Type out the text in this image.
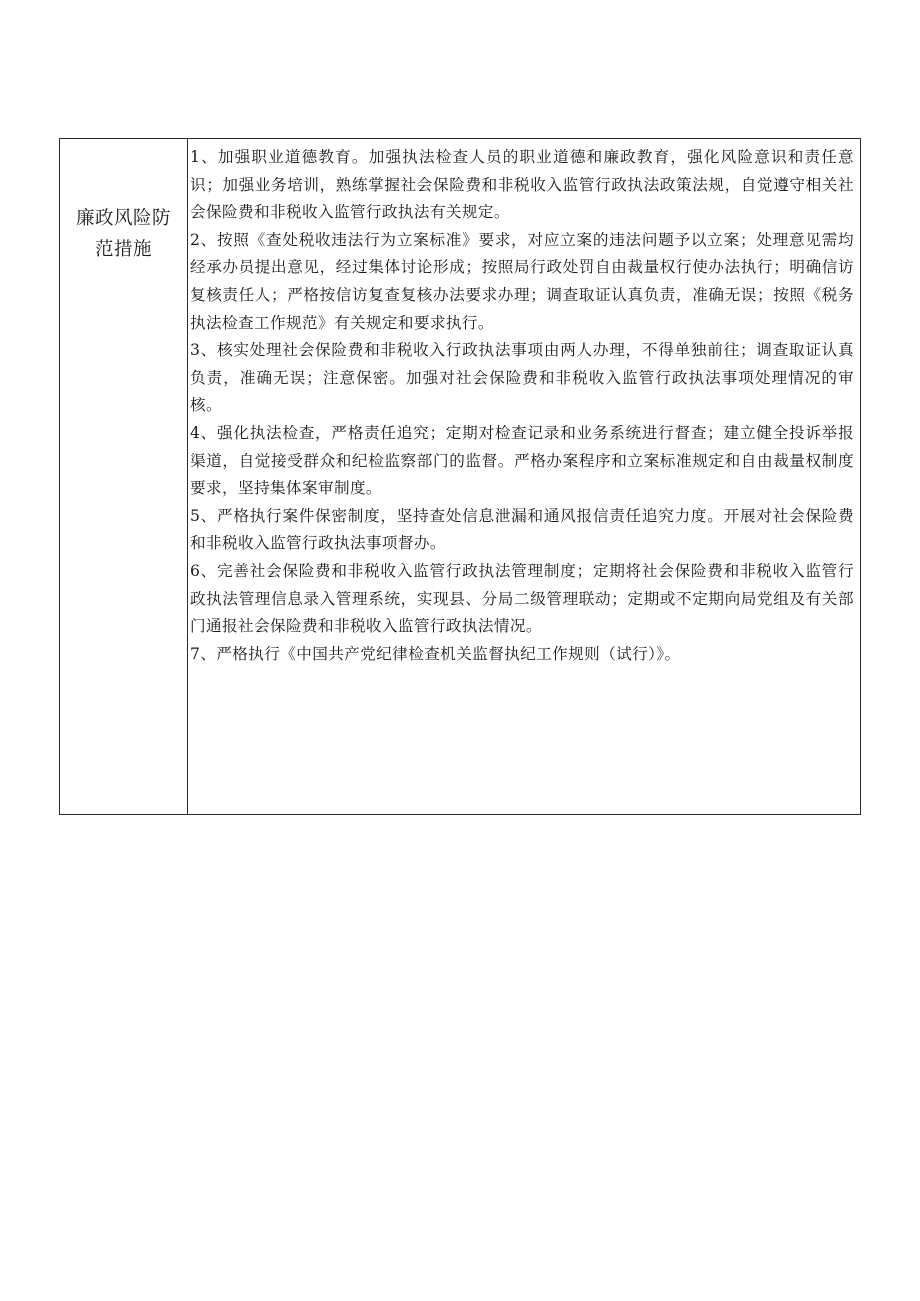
廉政风险防
范措施

1、加强职业道德教育。加强执法检查人员的职业道德和廉政教育，强化风险意识和责任意识；加强业务培训，熟练掌握社会保险费和非税收入监管行政执法政策法规，自觉遵守相关社会保险费和非税收入监管行政执法有关规定。

2、按照《查处税收违法行为立案标准》要求，对应立案的违法问题予以立案；处理意见需均经承办员提出意见，经过集体讨论形成；按照局行政处罚自由裁量权行使办法执行；明确信访复核责任人；严格按信访复查复核办法要求办理；调查取证认真负责，准确无误；按照《税务执法检查工作规范》有关规定和要求执行。

3、核实处理社会保险费和非税收入行政执法事项由两人办理，不得单独前往；调查取证认真负责，准确无误；注意保密。加强对社会保险费和非税收入监管行政执法事项处理情况的审核。

4、强化执法检查，严格责任追究；定期对检查记录和业务系统进行督查；建立健全投诉举报渠道，自觉接受群众和纪检监察部门的监督。严格办案程序和立案标准规定和自由裁量权制度要求，坚持集体案审制度。

5、严格执行案件保密制度，坚持查处信息泄漏和通风报信责任追究力度。开展对社会保险费和非税收入监管行政执法事项督办。

6、完善社会保险费和非税收入监管行政执法管理制度；定期将社会保险费和非税收入监管行政执法管理信息录入管理系统，实现县、分局二级管理联动；定期或不定期向局党组及有关部门通报社会保险费和非税收入监管行政执法情况。

7、严格执行《中国共产党纪律检查机关监督执纪工作规则（试行）》。
